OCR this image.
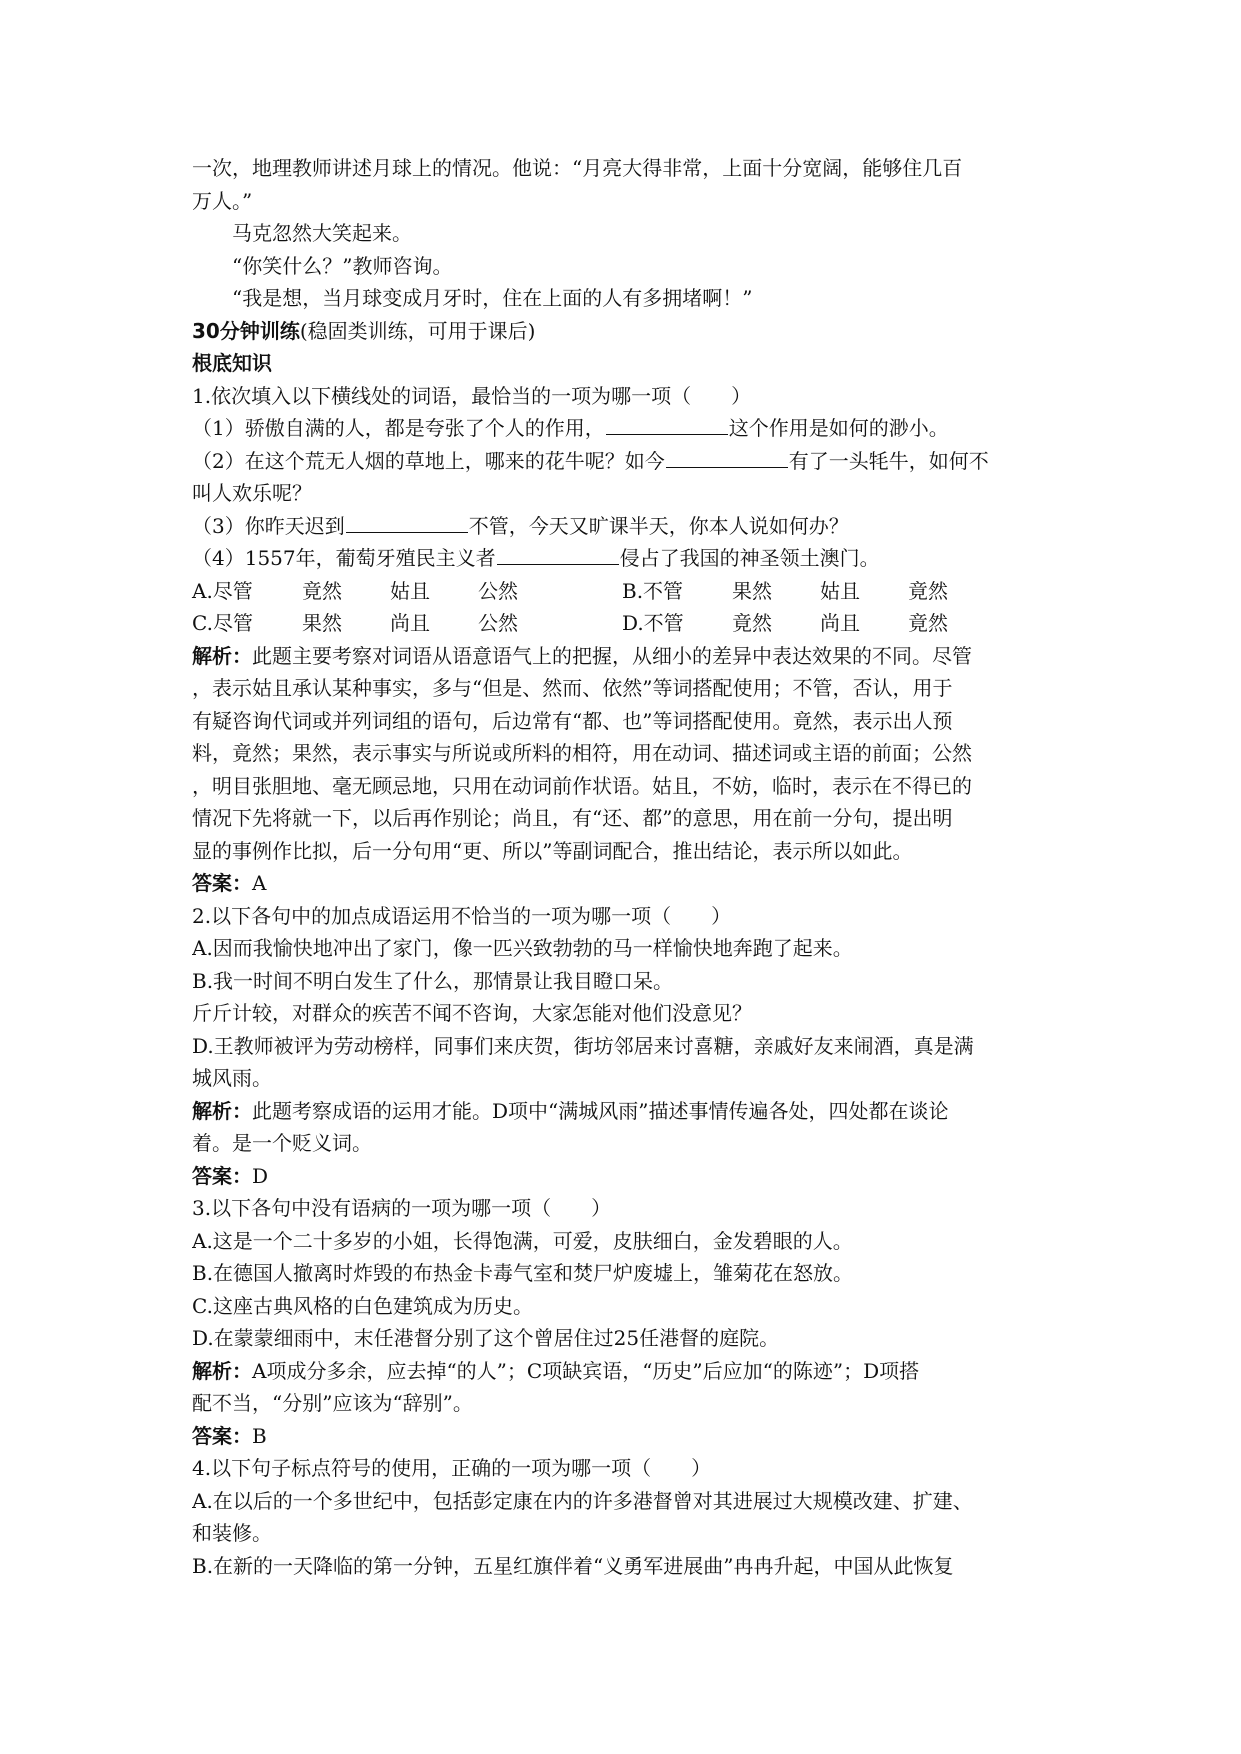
一次，地理教师讲述月球上的情况。他说：“月亮大得非常，上面十分宽阔，能够住几百
万人。”
马克忽然大笑起来。
“你笑什么？”教师咨询。
“我是想，当月球变成月牙时，住在上面的人有多拥堵啊！”
30分钟训练(稳固类训练，可用于课后)
根底知识
1.依次填入以下横线处的词语，最恰当的一项为哪一项（　　）
（1）骄傲自满的人，都是夸张了个人的作用，	这个作用是如何的渺小。
（2）在这个荒无人烟的草地上，哪来的花牛呢？如今	有了一头牦牛，如何不
叫人欢乐呢？
（3）你昨天迟到	不管，今天又旷课半天，你本人说如何办？
（4）1557年，葡萄牙殖民主义者	侵占了我国的神圣领土澳门。
A.尽管	竟然	姑且	公然	B.不管	果然	姑且	竟然
C.尽管	果然	尚且	公然	D.不管	竟然	尚且	竟然
解析：此题主要考察对词语从语意语气上的把握，从细小的差异中表达效果的不同。尽管
，表示姑且承认某种事实，多与“但是、然而、依然”等词搭配使用；不管，否认，用于
有疑咨询代词或并列词组的语句，后边常有“都、也”等词搭配使用。竟然，表示出人预
料，竟然；果然，表示事实与所说或所料的相符，用在动词、描述词或主语的前面；公然
，明目张胆地、毫无顾忌地，只用在动词前作状语。姑且，不妨，临时，表示在不得已的
情况下先将就一下，以后再作别论；尚且，有“还、都”的意思，用在前一分句，提出明
显的事例作比拟，后一分句用“更、所以”等副词配合，推出结论，表示所以如此。
答案：A
2.以下各句中的加点成语运用不恰当的一项为哪一项（　　）
A.因而我愉快地冲出了家门，像一匹兴致勃勃的马一样愉快地奔跑了起来。
B.我一时间不明白发生了什么，那情景让我目瞪口呆。
斤斤计较，对群众的疾苦不闻不咨询，大家怎能对他们没意见？
D.王教师被评为劳动榜样，同事们来庆贺，街坊邻居来讨喜糖，亲戚好友来闹酒，真是满
城风雨。
解析：此题考察成语的运用才能。D项中“满城风雨”描述事情传遍各处，四处都在谈论
着。是一个贬义词。
答案：D
3.以下各句中没有语病的一项为哪一项（　　）
A.这是一个二十多岁的小姐，长得饱满，可爱，皮肤细白，金发碧眼的人。
B.在德国人撤离时炸毁的布热金卡毒气室和焚尸炉废墟上，雏菊花在怒放。
C.这座古典风格的白色建筑成为历史。
D.在蒙蒙细雨中，末任港督分别了这个曾居住过25任港督的庭院。
解析：A项成分多余，应去掉“的人”；C项缺宾语，“历史”后应加“的陈迹”；D项搭
配不当，“分别”应该为“辞别”。
答案：B
4.以下句子标点符号的使用，正确的一项为哪一项（　　）
A.在以后的一个多世纪中，包括彭定康在内的许多港督曾对其进展过大规模改建、扩建、
和装修。
B.在新的一天降临的第一分钟，五星红旗伴着“义勇军进展曲”冉冉升起，中国从此恢复
